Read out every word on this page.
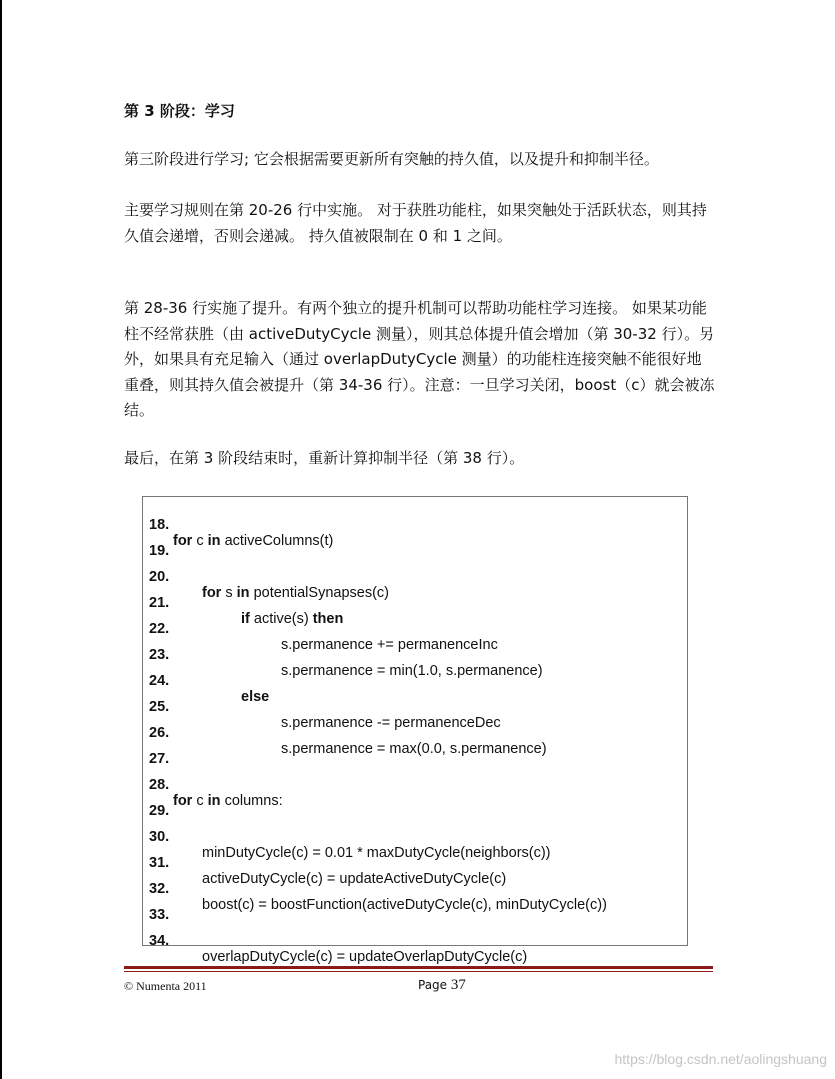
第 3 阶段：学习

第三阶段进行学习; 它会根据需要更新所有突触的持久值，以及提升和抑制半径。

主要学习规则在第 20-26 行中实施。 对于获胜功能柱，如果突触处于活跃状态，则其持久值会递增，否则会递减。 持久值被限制在 0 和 1 之间。

第 28-36 行实施了提升。有两个独立的提升机制可以帮助功能柱学习连接。 如果某功能柱不经常获胜（由 activeDutyCycle 测量），则其总体提升值会增加（第 30-32 行）。另外，如果具有充足输入（通过 overlapDutyCycle 测量）的功能柱连接突触不能很好地重叠，则其持久值会被提升（第 34-36 行）。注意：一旦学习关闭，boost（c）就会被冻结。

最后，在第 3 阶段结束时，重新计算抑制半径（第 38 行）。

18.

for c in activeColumns(t)

19.

20.

for s in potentialSynapses(c)

21.

if active(s) then

22.

s.permanence += permanenceInc

23.

s.permanence = min(1.0, s.permanence)

24.

else

25.

s.permanence -= permanenceDec

26.

s.permanence = max(0.0, s.permanence)

27.

28.

for c in columns:

29.

30.

minDutyCycle(c) = 0.01 * maxDutyCycle(neighbors(c))

31.

activeDutyCycle(c) = updateActiveDutyCycle(c)

32.

boost(c) = boostFunction(activeDutyCycle(c), minDutyCycle(c))

33.

34.

overlapDutyCycle(c) = updateOverlapDutyCycle(c)

© Numenta 2011	Page 37
https://blog.csdn.net/aolingshuang
